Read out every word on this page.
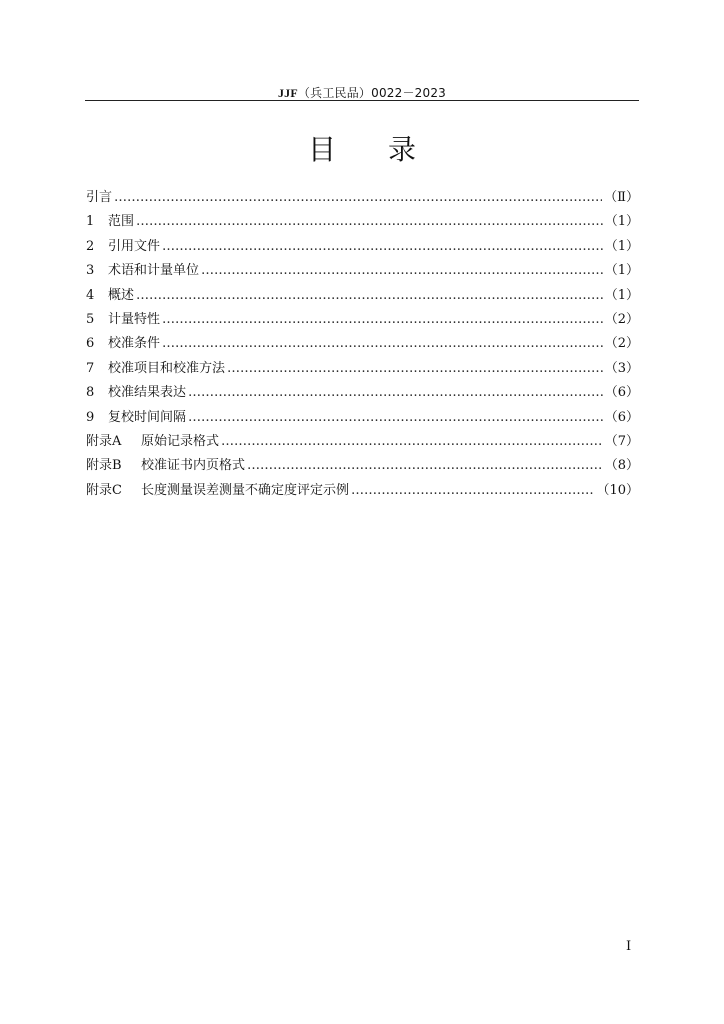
JJF（兵工民品）0022－2023
目 录
引言 ………………………………………………………………………………………………………………………………………………………………………………………………………………	（Ⅱ）
1	范围 ………………………………………………………………………………………………………………………………………………………………………………………………………………	（1）
2	引用文件 ………………………………………………………………………………………………………………………………………………………………………………………………………………	（1）
3	术语和计量单位 ………………………………………………………………………………………………………………………………………………………………………………………………………………	（1）
4	概述 ………………………………………………………………………………………………………………………………………………………………………………………………………………	（1）
5	计量特性 ………………………………………………………………………………………………………………………………………………………………………………………………………………	（2）
6	校准条件 ………………………………………………………………………………………………………………………………………………………………………………………………………………	（2）
7	校准项目和校准方法 ………………………………………………………………………………………………………………………………………………………………………………………………………………	（3）
8	校准结果表达 ………………………………………………………………………………………………………………………………………………………………………………………………………………	（6）
9	复校时间间隔 ………………………………………………………………………………………………………………………………………………………………………………………………………………	（6）
附录A	原始记录格式 ………………………………………………………………………………………………………………………………………………………………………………………………………………	（7）
附录B	校准证书内页格式 ………………………………………………………………………………………………………………………………………………………………………………………………………………	（8）
附录C	长度测量误差测量不确定度评定示例 ………………………………………………………………………………………………………………………………………………………………………………………………………………	（10）
I
